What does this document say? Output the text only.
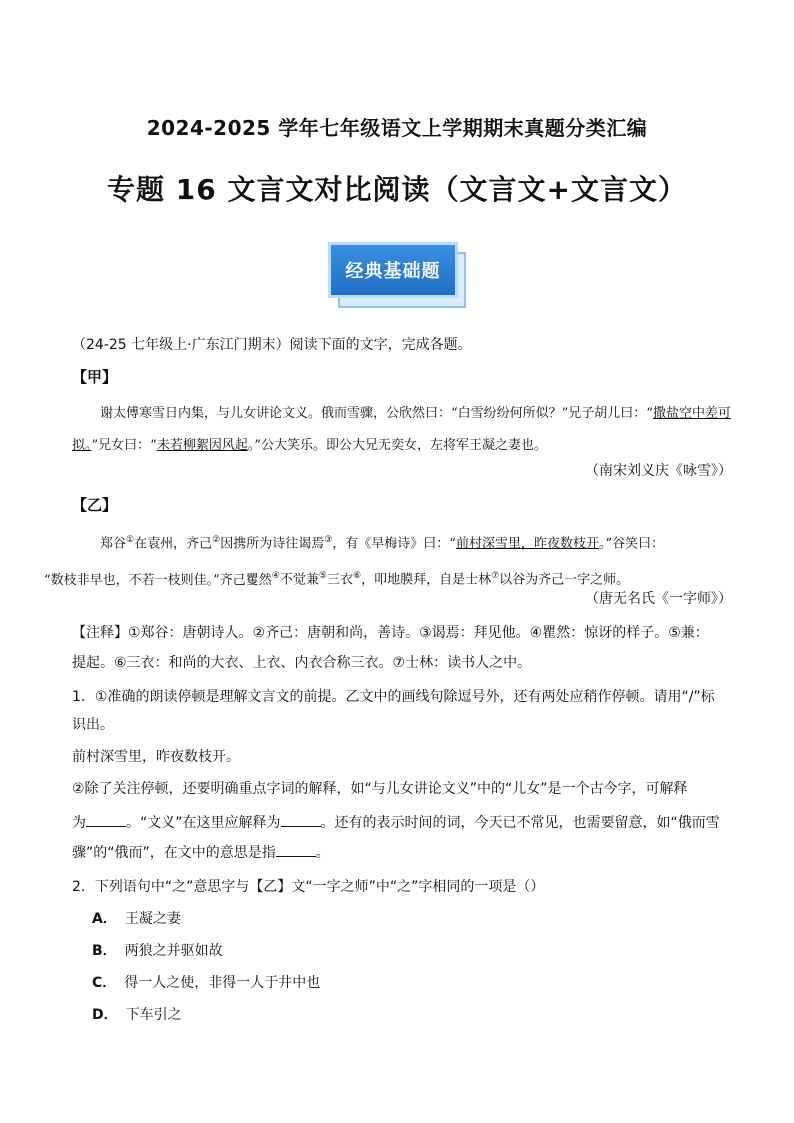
2024-2025 学年七年级语文上学期期末真题分类汇编
专题 16 文言文对比阅读（文言文+文言文）
经典基础题
（24-25 七年级上·广东江门期末）阅读下面的文字，完成各题。
【甲】
谢太傅寒雪日内集，与儿女讲论文义。俄而雪骤，公欣然曰：“白雪纷纷何所似？”兄子胡儿曰：“撒盐空中差可拟。”兄女曰：“未若柳絮因风起。”公大笑乐。即公大兄无奕女，左将军王凝之妻也。
（南宋刘义庆《咏雪》）
【乙】
郑谷①在袁州，齐己②因携所为诗往谒焉③，有《早梅诗》曰：“前村深雪里，昨夜数枝开。”谷笑曰：
“数枝非早也，不若一枝则佳。”齐己矍然④不觉兼⑤三衣⑥，叩地膜拜，自是士林⑦以谷为齐己一字之师。
（唐无名氏《一字师》）
【注释】①郑谷：唐朝诗人。②齐己：唐朝和尚，善诗。③谒焉：拜见他。④瞿然：惊讶的样子。⑤兼：
提起。⑥三衣：和尚的大衣、上衣、内衣合称三衣。⑦士林：读书人之中。
1．①准确的朗读停顿是理解文言文的前提。乙文中的画线句除逗号外，还有两处应稍作停顿。请用“/”标
识出。
前村深雪里，昨夜数枝开。
②除了关注停顿，还要明确重点字词的解释，如“与儿女讲论文义”中的“儿女”是一个古今字，可解释
为	。“文义”在这里应解释为	。还有的表示时间的词，今天已不常见，也需要留意，如“俄而雪
骤”的“俄而”，在文中的意思是指	。
2．下列语句中“之”意思字与【乙】文“一字之师”中“之”字相同的一项是（）
A． 王凝之妻
B． 两狼之并驱如故
C． 得一人之使，非得一人于井中也
D． 下车引之
